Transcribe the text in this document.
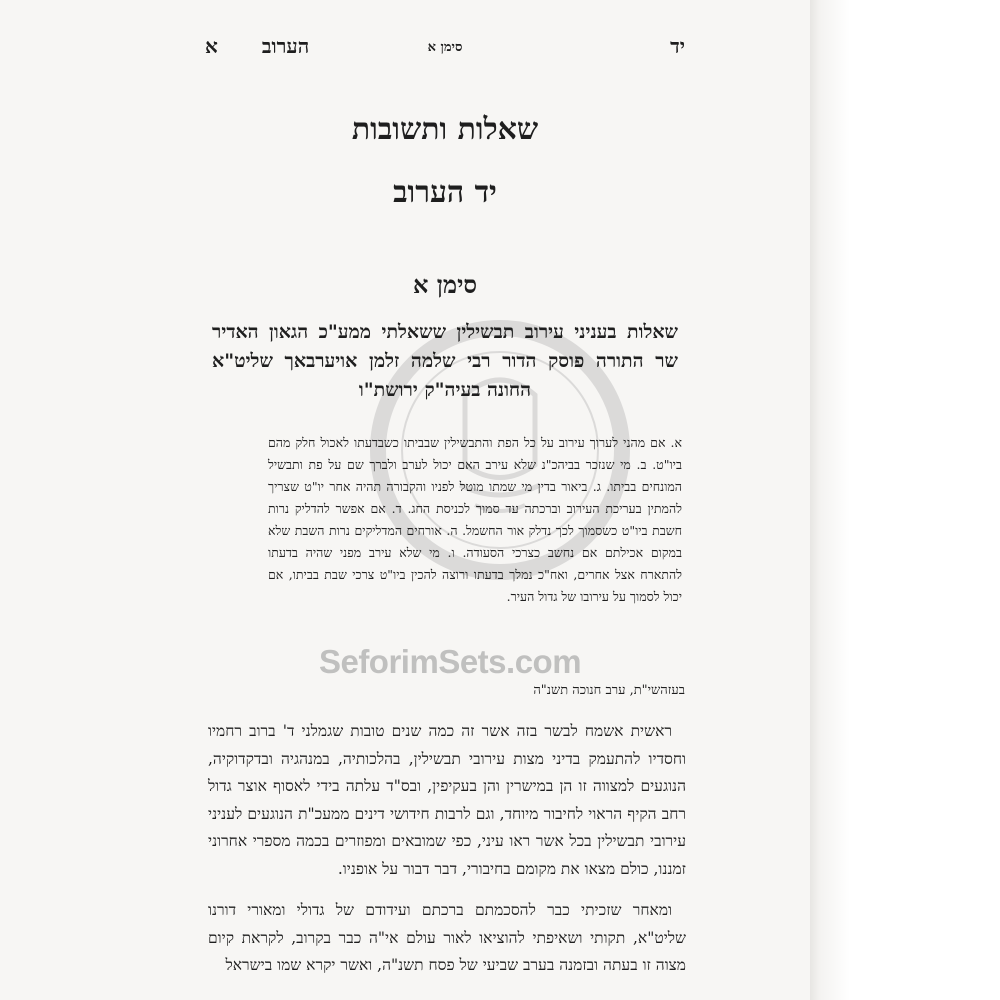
יד
סימן א
הערוב
א
שאלות ותשובות
יד הערוב
סימן א
שאלות בעניני עירוב תבשילין ששאלתי ממע"כ הגאון האדיר שר התורה פוסק הדור רבי שלמה זלמן אויערבאך שליט"א החונה בעיה"ק ירושת"ו
א. אם מהני לערוך עירוב על כל הפת והתבשילין שבביתו כשבדעתו לאכול חלק מהם ביו"ט. ב. מי שנזכר בביהכ"נ שלא עירב האם יכול לערב ולברך שם על פת ותבשיל המונחים בביתו. ג. ביאור בדין מי שמתו מוטל לפניו והקבורה תהיה אחר יו"ט שצריך להמתין בעריכת העירוב וברכתה עד סמוך לכניסת החג. ד. אם אפשר להדליק נרות חשבת ביו"ט כשסמוך לכך נדלק אור החשמל. ה. אורחים המדליקים נרות השבת שלא במקום אכילתם אם נחשב כצרכי הסעודה. ו. מי שלא עירב מפני שהיה בדעתו להתארח אצל אחרים, ואח"כ נמלך בדעתו ורוצה להכין ביו"ט צרכי שבת בביתו, אם יכול לסמוך על עירובו של גדול העיר.
SeforimSets.com
בעזהשי"ת, ערב חנוכה תשנ"ה

ראשית אשמח לבשר בזה אשר זה כמה שנים טובות שגמלני ד' ברוב רחמיו וחסדיו להתעמק בדיני מצות עירובי תבשילין, בהלכותיה, במנהגיה ובדקדוקיה, הנוגעים למצווה זו הן במישרין והן בעקיפין, ובס"ד עלתה בידי לאסוף אוצר גדול רחב הקיף הראוי לחיבור מיוחד, וגם לרבות חידושי דינים ממעכ"ת הנוגעים לעניני עירובי תבשילין בכל אשר ראו עיני, כפי שמובאים ומפוזרים בכמה מספרי אחרוני זמננו, כולם מצאו את מקומם בחיבורי, דבר דבור על אופניו.

ומאחר שזכיתי כבר להסכמתם ברכתם ועידודם של גדולי ומאורי דורנו שליט"א, תקותי ושאיפתי להוציאו לאור עולם אי"ה כבר בקרוב, לקראת קיום מצוה זו בעתה ובזמנה בערב שביעי של פסח תשנ"ה, ואשר יקרא שמו בישראל
